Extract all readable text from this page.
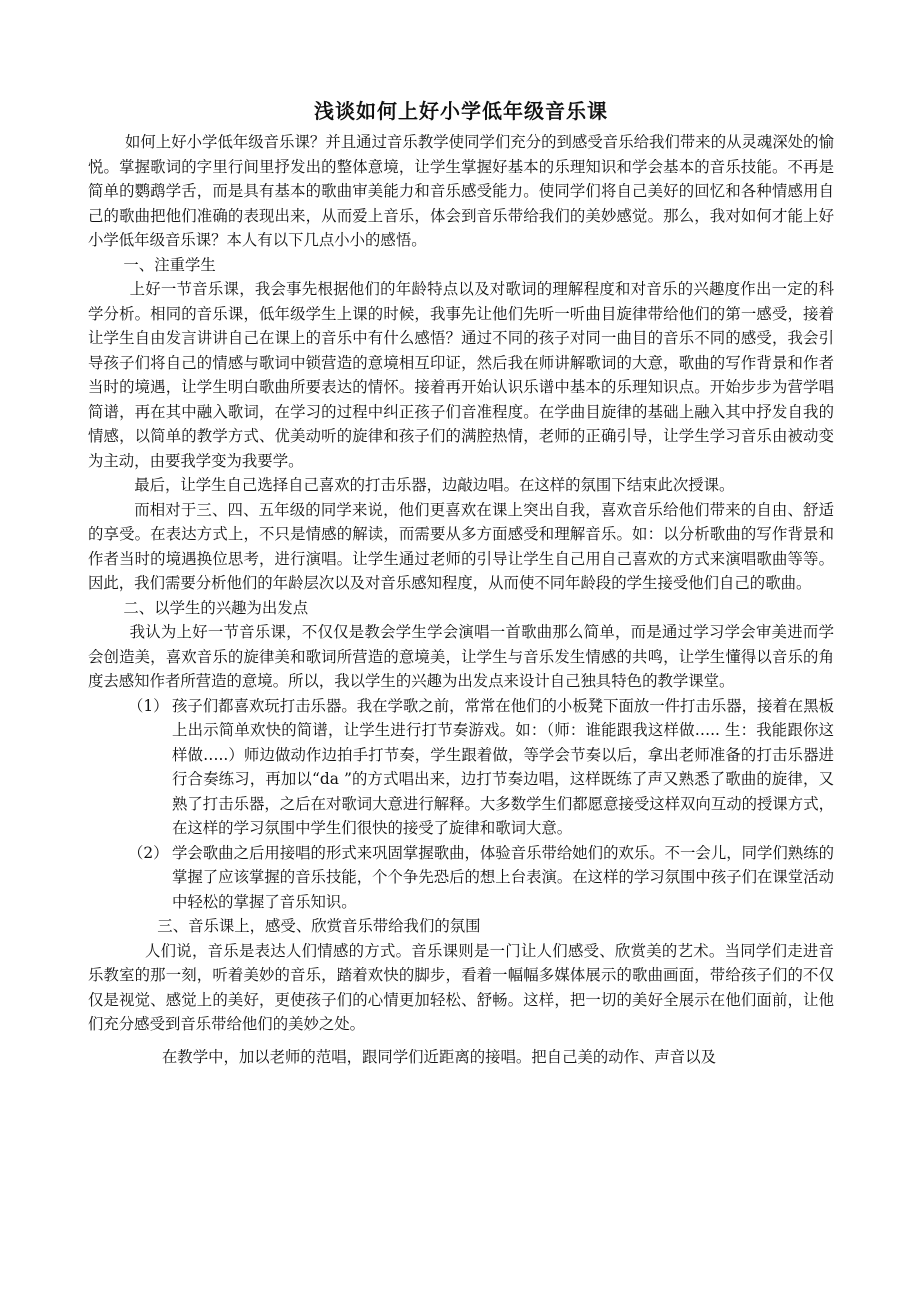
浅谈如何上好小学低年级音乐课

如何上好小学低年级音乐课？并且通过音乐教学使同学们充分的到感受音乐给我们带来的从灵魂深处的愉悦。掌握歌词的字里行间里抒发出的整体意境，让学生掌握好基本的乐理知识和学会基本的音乐技能。不再是简单的鹦鹉学舌，而是具有基本的歌曲审美能力和音乐感受能力。使同学们将自己美好的回忆和各种情感用自己的歌曲把他们准确的表现出来，从而爱上音乐，体会到音乐带给我们的美妙感觉。那么，我对如何才能上好小学低年级音乐课？本人有以下几点小小的感悟。

一、注重学生

上好一节音乐课，我会事先根据他们的年龄特点以及对歌词的理解程度和对音乐的兴趣度作出一定的科学分析。相同的音乐课，低年级学生上课的时候，我事先让他们先听一听曲目旋律带给他们的第一感受，接着让学生自由发言讲讲自己在课上的音乐中有什么感悟？通过不同的孩子对同一曲目的音乐不同的感受，我会引导孩子们将自己的情感与歌词中锁营造的意境相互印证，然后我在师讲解歌词的大意，歌曲的写作背景和作者当时的境遇，让学生明白歌曲所要表达的情怀。接着再开始认识乐谱中基本的乐理知识点。开始步步为营学唱简谱，再在其中融入歌词，在学习的过程中纠正孩子们音准程度。在学曲目旋律的基础上融入其中抒发自我的情感，以简单的教学方式、优美动听的旋律和孩子们的满腔热情，老师的正确引导，让学生学习音乐由被动变为主动，由要我学变为我要学。

最后，让学生自己选择自己喜欢的打击乐器，边敲边唱。在这样的氛围下结束此次授课。

而相对于三、四、五年级的同学来说，他们更喜欢在课上突出自我，喜欢音乐给他们带来的自由、舒适的享受。在表达方式上，不只是情感的解读，而需要从多方面感受和理解音乐。如：以分析歌曲的写作背景和作者当时的境遇换位思考，进行演唱。让学生通过老师的引导让学生自己用自己喜欢的方式来演唱歌曲等等。因此，我们需要分析他们的年龄层次以及对音乐感知程度，从而使不同年龄段的学生接受他们自己的歌曲。

二、以学生的兴趣为出发点

我认为上好一节音乐课，不仅仅是教会学生学会演唱一首歌曲那么简单，而是通过学习学会审美进而学会创造美，喜欢音乐的旋律美和歌词所营造的意境美，让学生与音乐发生情感的共鸣，让学生懂得以音乐的角度去感知作者所营造的意境。所以，我以学生的兴趣为出发点来设计自己独具特色的教学课堂。

（1） 孩子们都喜欢玩打击乐器。我在学歌之前，常常在他们的小板凳下面放一件打击乐器，接着在黑板上出示简单欢快的简谱，让学生进行打节奏游戏。如：（师：谁能跟我这样做….. 生：我能跟你这样做…..）师边做动作边拍手打节奏，学生跟着做，等学会节奏以后，拿出老师准备的打击乐器进行合奏练习，再加以“da ”的方式唱出来，边打节奏边唱，这样既练了声又熟悉了歌曲的旋律，又熟了打击乐器，之后在对歌词大意进行解释。大多数学生们都愿意接受这样双向互动的授课方式，在这样的学习氛围中学生们很快的接受了旋律和歌词大意。
（2） 学会歌曲之后用接唱的形式来巩固掌握歌曲，体验音乐带给她们的欢乐。不一会儿，同学们熟练的掌握了应该掌握的音乐技能，个个争先恐后的想上台表演。在这样的学习氛围中孩子们在课堂活动中轻松的掌握了音乐知识。

三、音乐课上，感受、欣赏音乐带给我们的氛围

人们说，音乐是表达人们情感的方式。音乐课则是一门让人们感受、欣赏美的艺术。当同学们走进音乐教室的那一刻，听着美妙的音乐，踏着欢快的脚步，看着一幅幅多媒体展示的歌曲画面，带给孩子们的不仅仅是视觉、感觉上的美好，更使孩子们的心情更加轻松、舒畅。这样，把一切的美好全展示在他们面前，让他们充分感受到音乐带给他们的美妙之处。

在教学中，加以老师的范唱，跟同学们近距离的接唱。把自己美的动作、声音以及
